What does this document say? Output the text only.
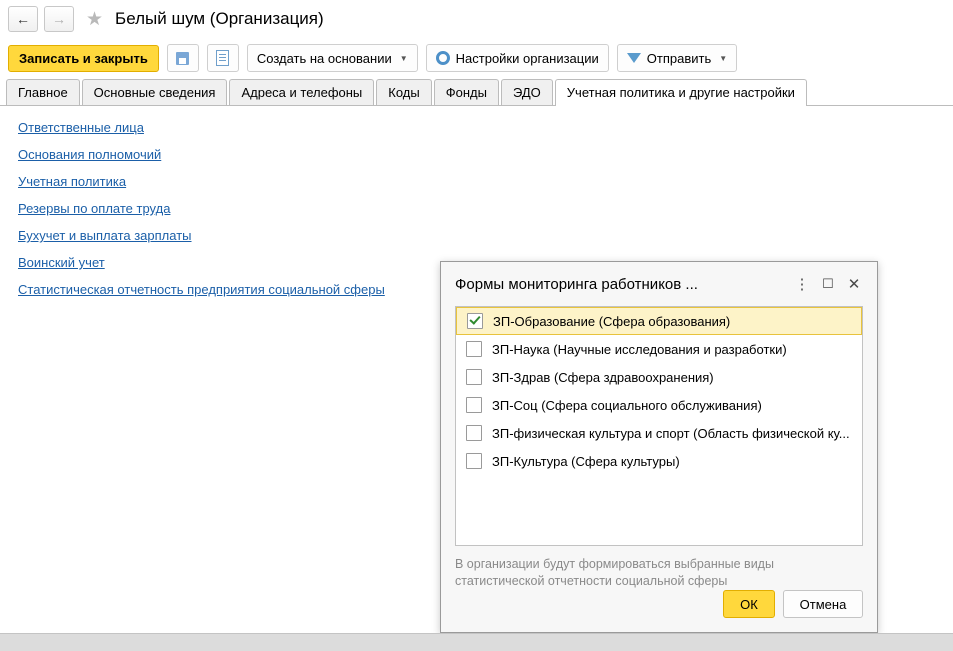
← → ★ Белый шум (Организация)
Записать и закрыть	Создать на основании ▼	Настройки организации	Отправить ▼
Главное	Основные сведения	Адреса и телефоны	Коды	Фонды	ЭДО	Учетная политика и другие настройки
Ответственные лица
Основания полномочий
Учетная политика
Резервы по оплате труда
Бухучет и выплата зарплаты
Воинский учет
Статистическая отчетность предприятия социальной сферы	Формы мониторинга работников ...	⋮ ☐ ✕
ЗП-Образование (Сфера образования)
ЗП-Наука (Научные исследования и разработки)
ЗП-Здрав (Сфера здравоохранения)
ЗП-Соц (Сфера социального обслуживания)
ЗП-физическая культура и спорт (Область физической ку...
ЗП-Культура (Сфера культуры)
В организации будут формироваться выбранные виды
статистической отчетности социальной сферы
ОК	Отмена
